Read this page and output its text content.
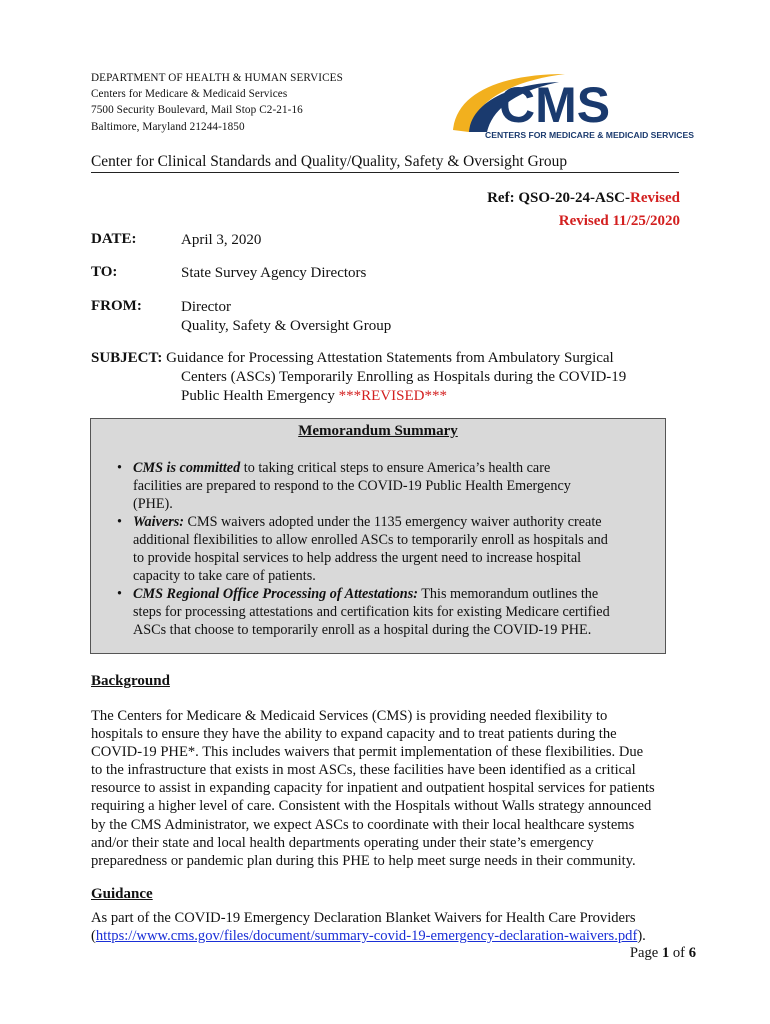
DEPARTMENT OF HEALTH & HUMAN SERVICES
Centers for Medicare & Medicaid Services
7500 Security Boulevard, Mail Stop C2-21-16
Baltimore, Maryland 21244-1850	CMS
CENTERS FOR MEDICARE & MEDICAID SERVICES
Center for Clinical Standards and Quality/Quality, Safety & Oversight Group
Ref: QSO-20-24-ASC-Revised
Revised 11/25/2020
DATE:	April 3, 2020
TO:	State Survey Agency Directors
FROM:	Director
Quality, Safety & Oversight Group
SUBJECT: Guidance for Processing Attestation Statements from Ambulatory Surgical
Centers (ASCs) Temporarily Enrolling as Hospitals during the COVID-19
Public Health Emergency ***REVISED***
Memorandum Summary
• CMS is committed to taking critical steps to ensure America’s health care
facilities are prepared to respond to the COVID-19 Public Health Emergency
(PHE).
• Waivers: CMS waivers adopted under the 1135 emergency waiver authority create
additional flexibilities to allow enrolled ASCs to temporarily enroll as hospitals and
to provide hospital services to help address the urgent need to increase hospital
capacity to take care of patients.
• CMS Regional Office Processing of Attestations: This memorandum outlines the
steps for processing attestations and certification kits for existing Medicare certified
ASCs that choose to temporarily enroll as a hospital during the COVID-19 PHE.
Background
The Centers for Medicare & Medicaid Services (CMS) is providing needed flexibility to
hospitals to ensure they have the ability to expand capacity and to treat patients during the
COVID-19 PHE*. This includes waivers that permit implementation of these flexibilities. Due
to the infrastructure that exists in most ASCs, these facilities have been identified as a critical
resource to assist in expanding capacity for inpatient and outpatient hospital services for patients
requiring a higher level of care. Consistent with the Hospitals without Walls strategy announced
by the CMS Administrator, we expect ASCs to coordinate with their local healthcare systems
and/or their state and local health departments operating under their state’s emergency
preparedness or pandemic plan during this PHE to help meet surge needs in their community.
Guidance
As part of the COVID-19 Emergency Declaration Blanket Waivers for Health Care Providers
(https://www.cms.gov/files/document/summary-covid-19-emergency-declaration-waivers.pdf).
Page 1 of 6
